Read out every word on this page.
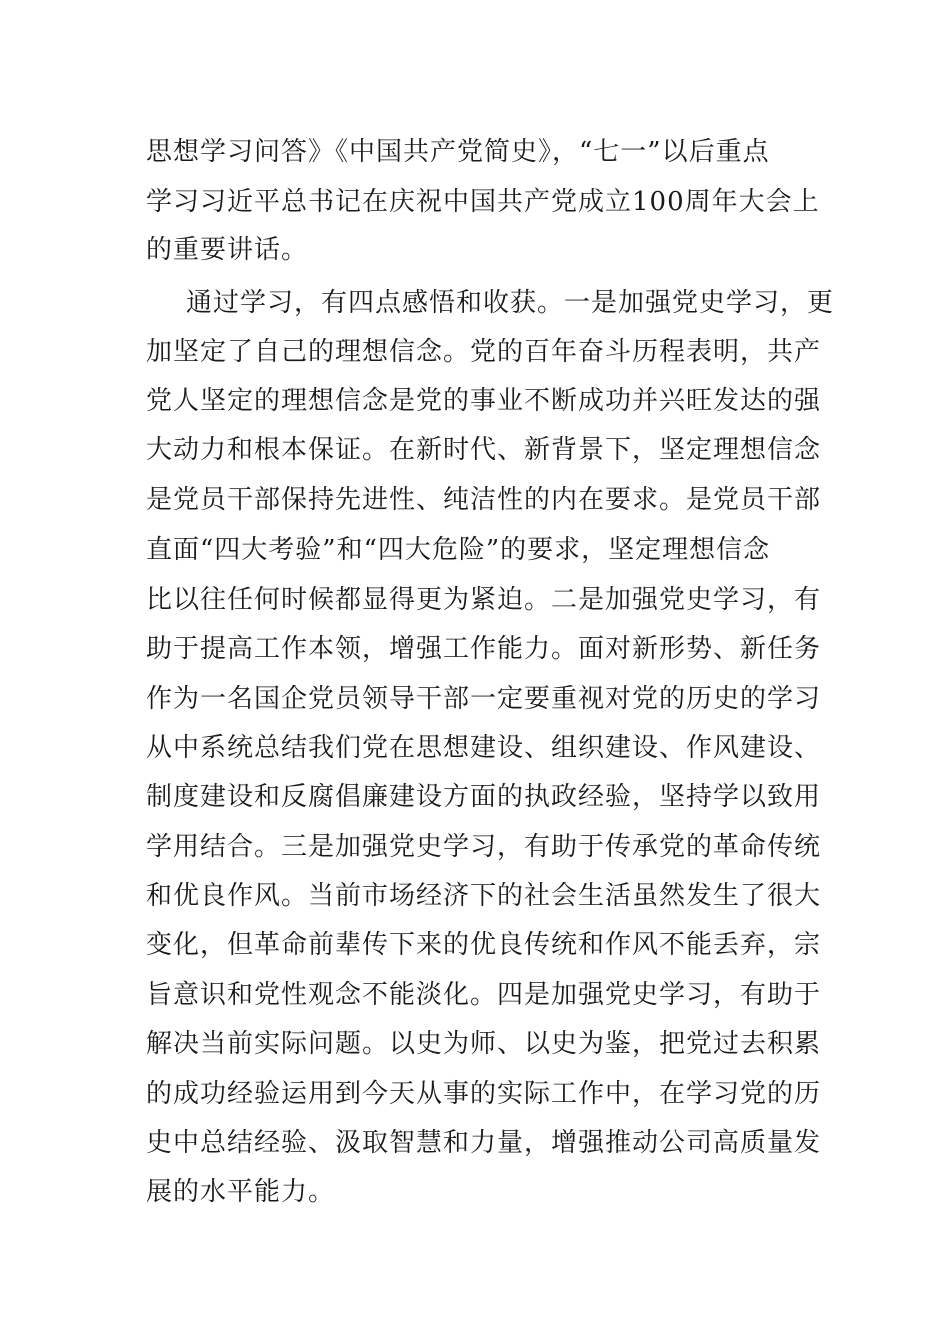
思想学习问答》《中国共产党简史》，“七一”以后重点
学习习近平总书记在庆祝中国共产党成立100周年大会上
的重要讲话。
通过学习，有四点感悟和收获。一是加强党史学习，更
加坚定了自己的理想信念。党的百年奋斗历程表明，共产
党人坚定的理想信念是党的事业不断成功并兴旺发达的强
大动力和根本保证。在新时代、新背景下，坚定理想信念
是党员干部保持先进性、纯洁性的内在要求。是党员干部
直面“四大考验”和“四大危险”的要求，坚定理想信念
比以往任何时候都显得更为紧迫。二是加强党史学习，有
助于提高工作本领，增强工作能力。面对新形势、新任务
作为一名国企党员领导干部一定要重视对党的历史的学习
从中系统总结我们党在思想建设、组织建设、作风建设、
制度建设和反腐倡廉建设方面的执政经验，坚持学以致用
学用结合。三是加强党史学习，有助于传承党的革命传统
和优良作风。当前市场经济下的社会生活虽然发生了很大
变化，但革命前辈传下来的优良传统和作风不能丢弃，宗
旨意识和党性观念不能淡化。四是加强党史学习，有助于
解决当前实际问题。以史为师、以史为鉴，把党过去积累
的成功经验运用到今天从事的实际工作中，在学习党的历
史中总结经验、汲取智慧和力量，增强推动公司高质量发
展的水平能力。
